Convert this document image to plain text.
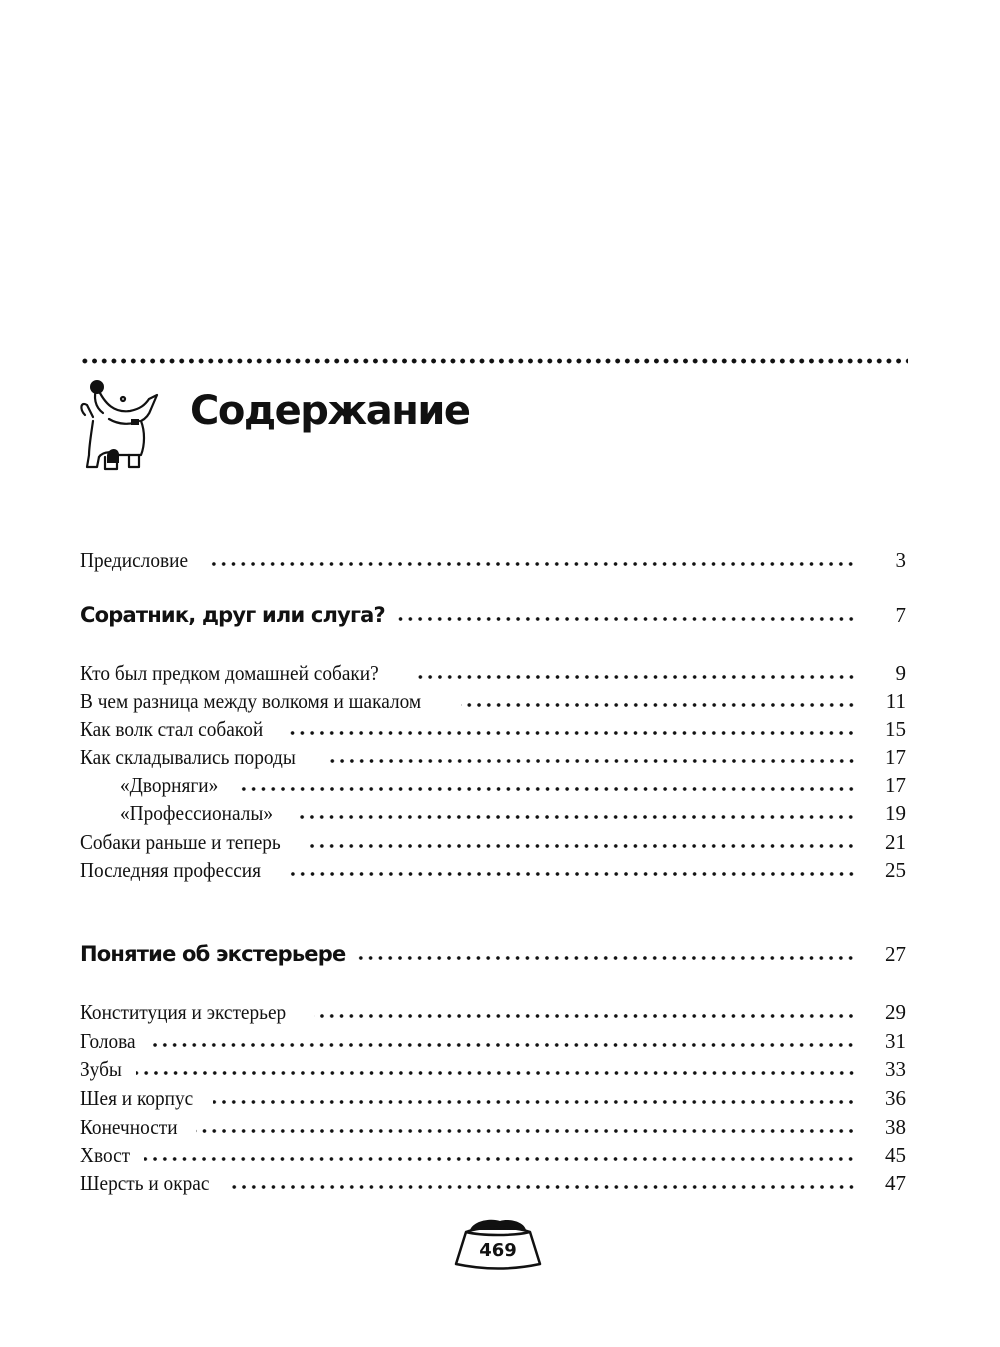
Содержание
Предисловие	3
Соратник, друг или слуга?	7
Кто был предком домашней собаки?	9
В чем разница между волкомя и шакалом	11
Как волк стал собакой	15
Как складывались породы	17
«Дворняги»	17
«Профессионалы»	19
Собаки раньше и теперь	21
Последняя профессия	25
Понятие об экстерьере	27
Конституция и экстерьер	29
Голова	31
Зубы	33
Шея и корпус	36
Конечности	38
Хвост	45
Шерсть и окрас	47
469
